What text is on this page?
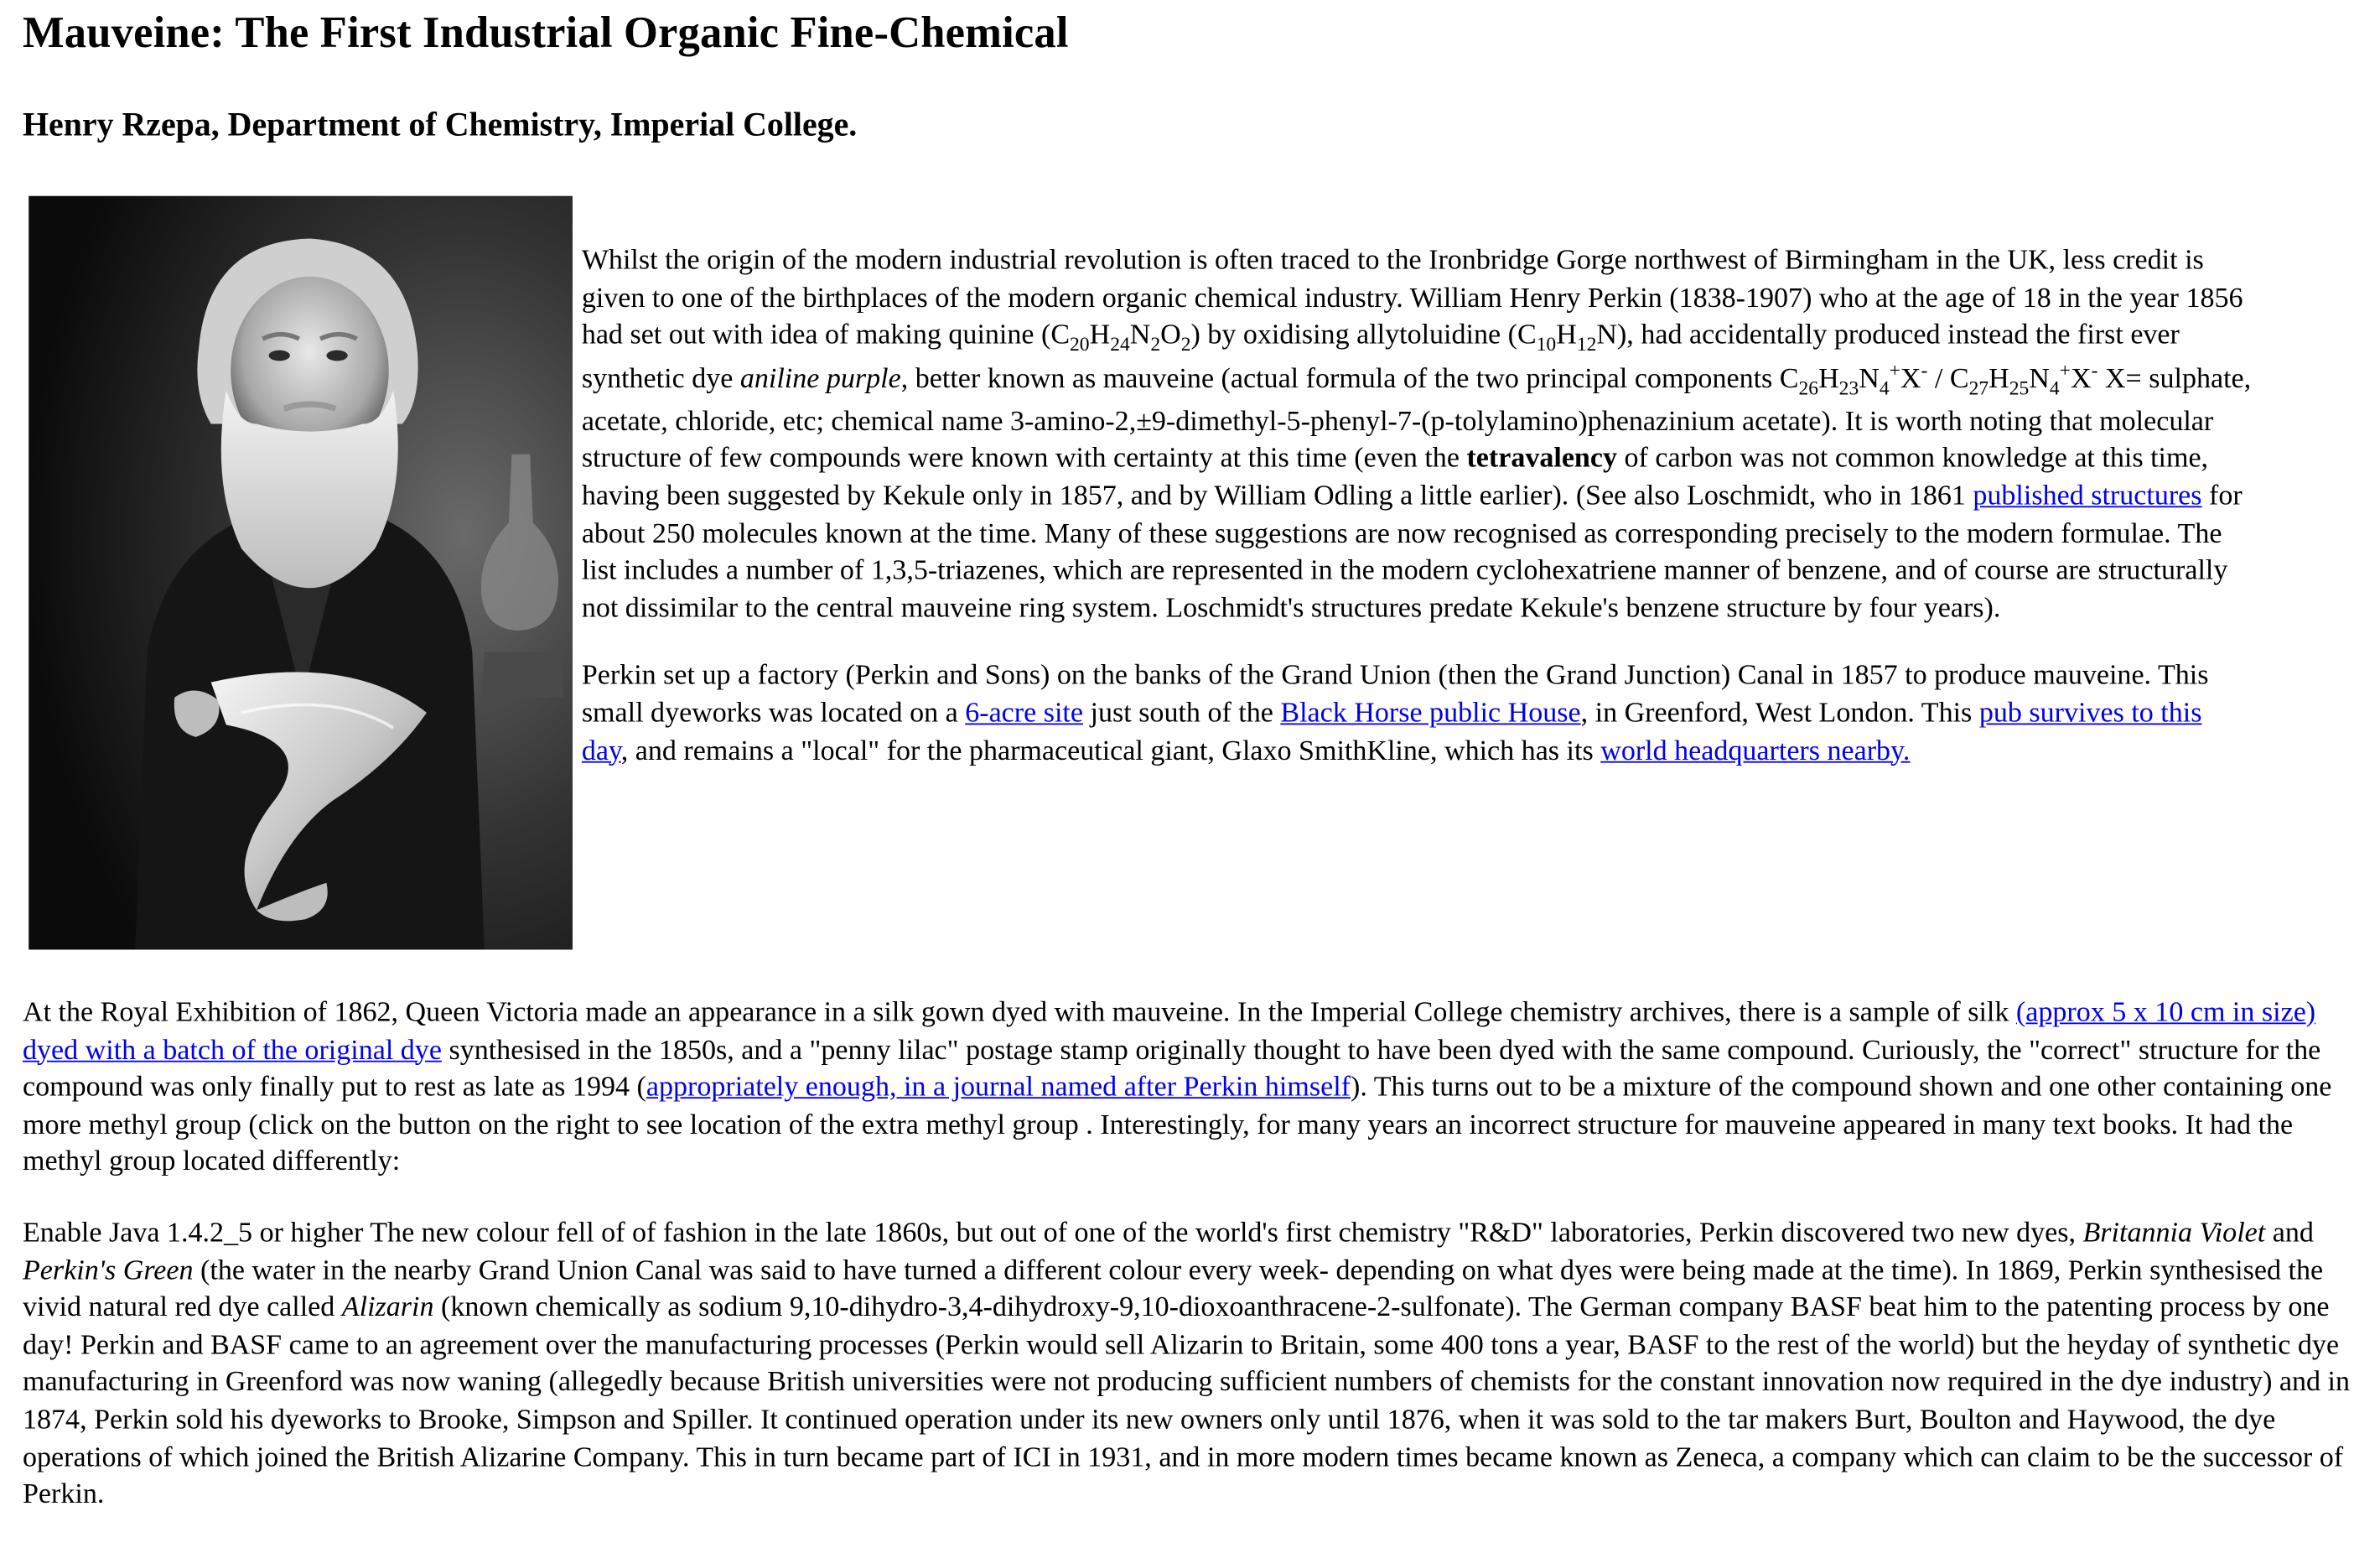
Mauveine: The First Industrial Organic Fine-Chemical
Henry Rzepa, Department of Chemistry, Imperial College.

Whilst the origin of the modern industrial revolution is often traced to the Ironbridge Gorge northwest of Birmingham in the UK, less credit is given to one of the birthplaces of the modern organic chemical industry. William Henry Perkin (1838-1907) who at the age of 18 in the year 1856 had set out with idea of making quinine $(C_{20}H_{24}N_2O_2)$ by oxidising allytoluidine $(C_{10}H_{12}N)$, had accidentally produced instead the first ever synthetic dye aniline purple, better known as mauveine (actual formula of the two principal components $C_{26}H_{23}N_4^+X^- / C_{27}H_{25}N_4^+X^-$ X= sulphate, acetate, chloride, etc; chemical name 3-amino-2,±9-dimethyl-5-phenyl-7-(p-tolylamino)phenazinium acetate). It is worth noting that molecular structure of few compounds were known with certainty at this time (even the tetravalency of carbon was not common knowledge at this time, having been suggested by Kekule only in 1857, and by William Odling a little earlier). (See also Loschmidt, who in 1861 published structures for about 250 molecules known at the time. Many of these suggestions are now recognised as corresponding precisely to the modern formulae. The list includes a number of 1,3,5-triazenes, which are represented in the modern cyclohexatriene manner of benzene, and of course are structurally not dissimilar to the central mauveine ring system. Loschmidt's structures predate Kekule's benzene structure by four years).

Perkin set up a factory (Perkin and Sons) on the banks of the Grand Union (then the Grand Junction) Canal in 1857 to produce mauveine. This small dyeworks was located on a 6-acre site just south of the Black Horse public House, in Greenford, West London. This pub survives to this day, and remains a "local" for the pharmaceutical giant, Glaxo SmithKline, which has its world headquarters nearby.

At the Royal Exhibition of 1862, Queen Victoria made an appearance in a silk gown dyed with mauveine. In the Imperial College chemistry archives, there is a sample of silk (approx 5 x 10 cm in size) dyed with a batch of the original dye synthesised in the 1850s, and a "penny lilac" postage stamp originally thought to have been dyed with the same compound. Curiously, the "correct" structure for the compound was only finally put to rest as late as 1994 (appropriately enough, in a journal named after Perkin himself). This turns out to be a mixture of the compound shown and one other containing one more methyl group (click on the button on the right to see location of the extra methyl group . Interestingly, for many years an incorrect structure for mauveine appeared in many text books. It had the methyl group located differently:

Enable Java 1.4.2_5 or higher The new colour fell of of fashion in the late 1860s, but out of one of the world's first chemistry "R&D" laboratories, Perkin discovered two new dyes, Britannia Violet and Perkin's Green (the water in the nearby Grand Union Canal was said to have turned a different colour every week- depending on what dyes were being made at the time). In 1869, Perkin synthesised the vivid natural red dye called Alizarin (known chemically as sodium 9,10-dihydro-3,4-dihydroxy-9,10-dioxoanthracene-2-sulfonate). The German company BASF beat him to the patenting process by one day! Perkin and BASF came to an agreement over the manufacturing processes (Perkin would sell Alizarin to Britain, some 400 tons a year, BASF to the rest of the world) but the heyday of synthetic dye manufacturing in Greenford was now waning (allegedly because British universities were not producing sufficient numbers of chemists for the constant innovation now required in the dye industry) and in 1874, Perkin sold his dyeworks to Brooke, Simpson and Spiller. It continued operation under its new owners only until 1876, when it was sold to the tar makers Burt, Boulton and Haywood, the dye operations of which joined the British Alizarine Company. This in turn became part of ICI in 1931, and in more modern times became known as Zeneca, a company which can claim to be the successor of Perkin.
